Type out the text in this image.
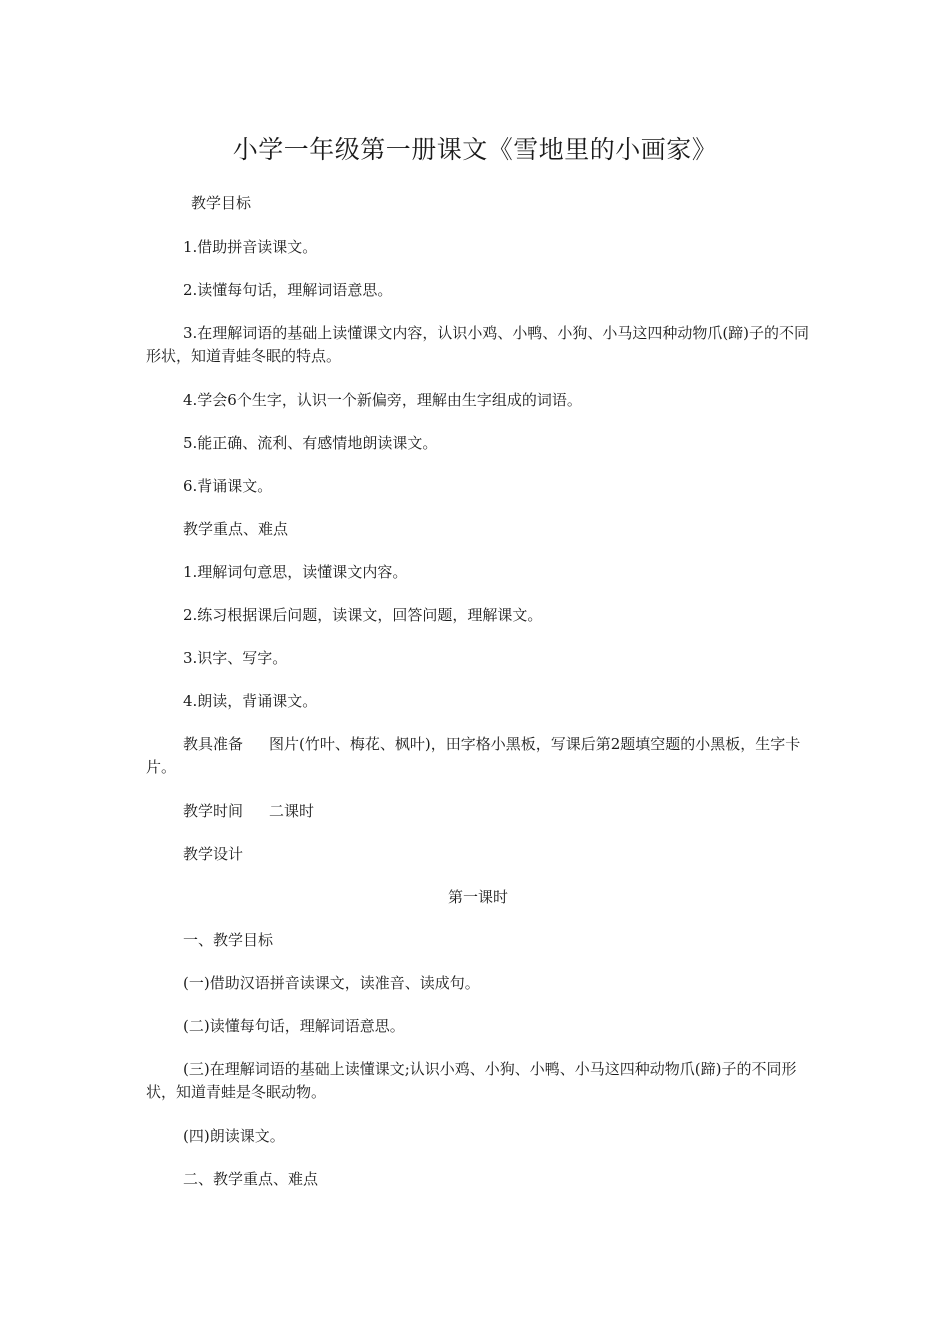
小学一年级第一册课文《雪地里的小画家》

教学目标

1.借助拼音读课文。

2.读懂每句话，理解词语意思。

3.在理解词语的基础上读懂课文内容，认识小鸡、小鸭、小狗、小马这四种动物爪(蹄)子的不同形状，知道青蛙冬眠的特点。

4.学会6个生字，认识一个新偏旁，理解由生字组成的词语。

5.能正确、流利、有感情地朗读课文。

6.背诵课文。

教学重点、难点

1.理解词句意思，读懂课文内容。

2.练习根据课后问题，读课文，回答问题，理解课文。

3.识字、写字。

4.朗读，背诵课文。

教具准备 图片(竹叶、梅花、枫叶)，田字格小黑板，写课后第2题填空题的小黑板，生字卡片。

教学时间 二课时

教学设计

第一课时

一、教学目标

(一)借助汉语拼音读课文，读准音、读成句。

(二)读懂每句话，理解词语意思。

(三)在理解词语的基础上读懂课文;认识小鸡、小狗、小鸭、小马这四种动物爪(蹄)子的不同形状，知道青蛙是冬眠动物。

(四)朗读课文。

二、教学重点、难点
